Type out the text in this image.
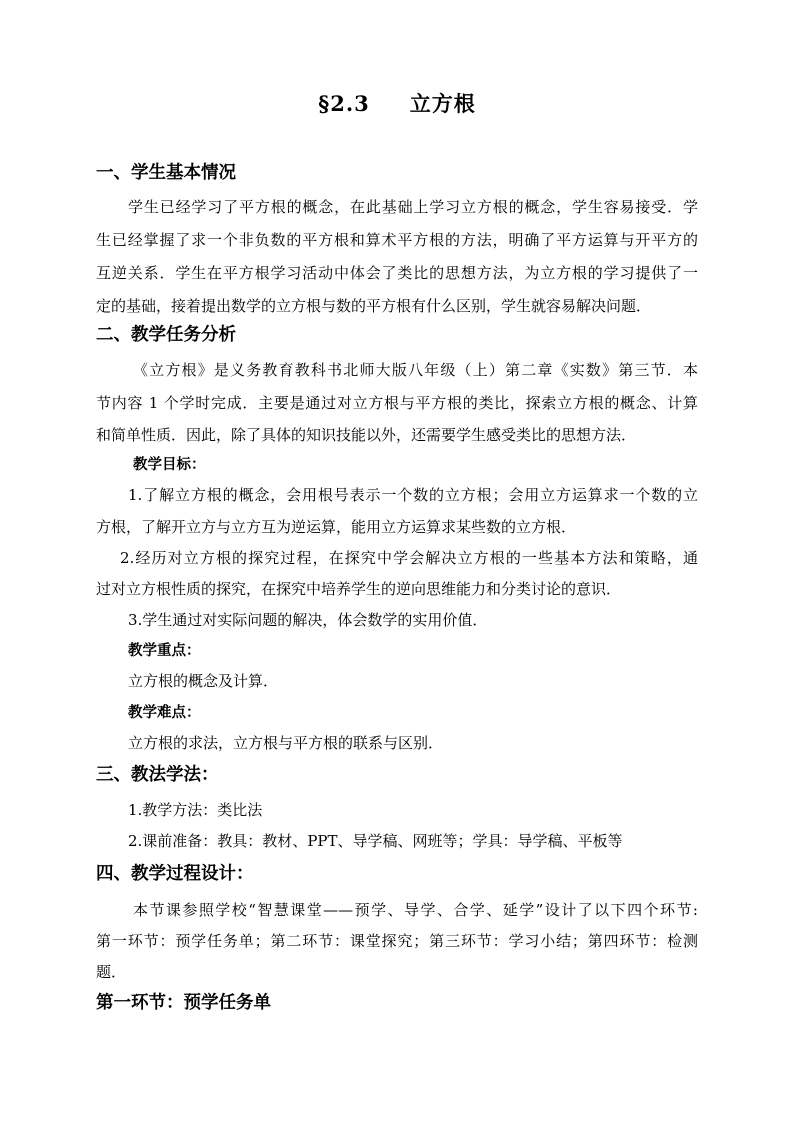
§2.3 立方根
一、学生基本情况
学生已经学习了平方根的概念，在此基础上学习立方根的概念，学生容易接受．学
生已经掌握了求一个非负数的平方根和算术平方根的方法，明确了平方运算与开平方的
互逆关系．学生在平方根学习活动中体会了类比的思想方法，为立方根的学习提供了一
定的基础，接着提出数学的立方根与数的平方根有什么区别，学生就容易解决问题．
二、教学任务分析
《立方根》是义务教育教科书北师大版八年级（上）第二章《实数》第三节．本
节内容 1 个学时完成．主要是通过对立方根与平方根的类比，探索立方根的概念、计算
和简单性质．因此，除了具体的知识技能以外，还需要学生感受类比的思想方法．
教学目标：
1.了解立方根的概念，会用根号表示一个数的立方根；会用立方运算求一个数的立
方根，了解开立方与立方互为逆运算，能用立方运算求某些数的立方根．
2.经历对立方根的探究过程，在探究中学会解决立方根的一些基本方法和策略，通
过对立方根性质的探究，在探究中培养学生的逆向思维能力和分类讨论的意识．
3.学生通过对实际问题的解决，体会数学的实用价值．
教学重点：
立方根的概念及计算．
教学难点：
立方根的求法，立方根与平方根的联系与区别．
三、教法学法：
1.教学方法：类比法
2.课前准备：教具：教材、PPT、导学稿、网班等；学具：导学稿、平板等
四、教学过程设计：
本节课参照学校“智慧课堂——预学、导学、合学、延学”设计了以下四个环节:
第一环节：预学任务单；第二环节：课堂探究；第三环节：学习小结；第四环节：检测
题．
第一环节：预学任务单
